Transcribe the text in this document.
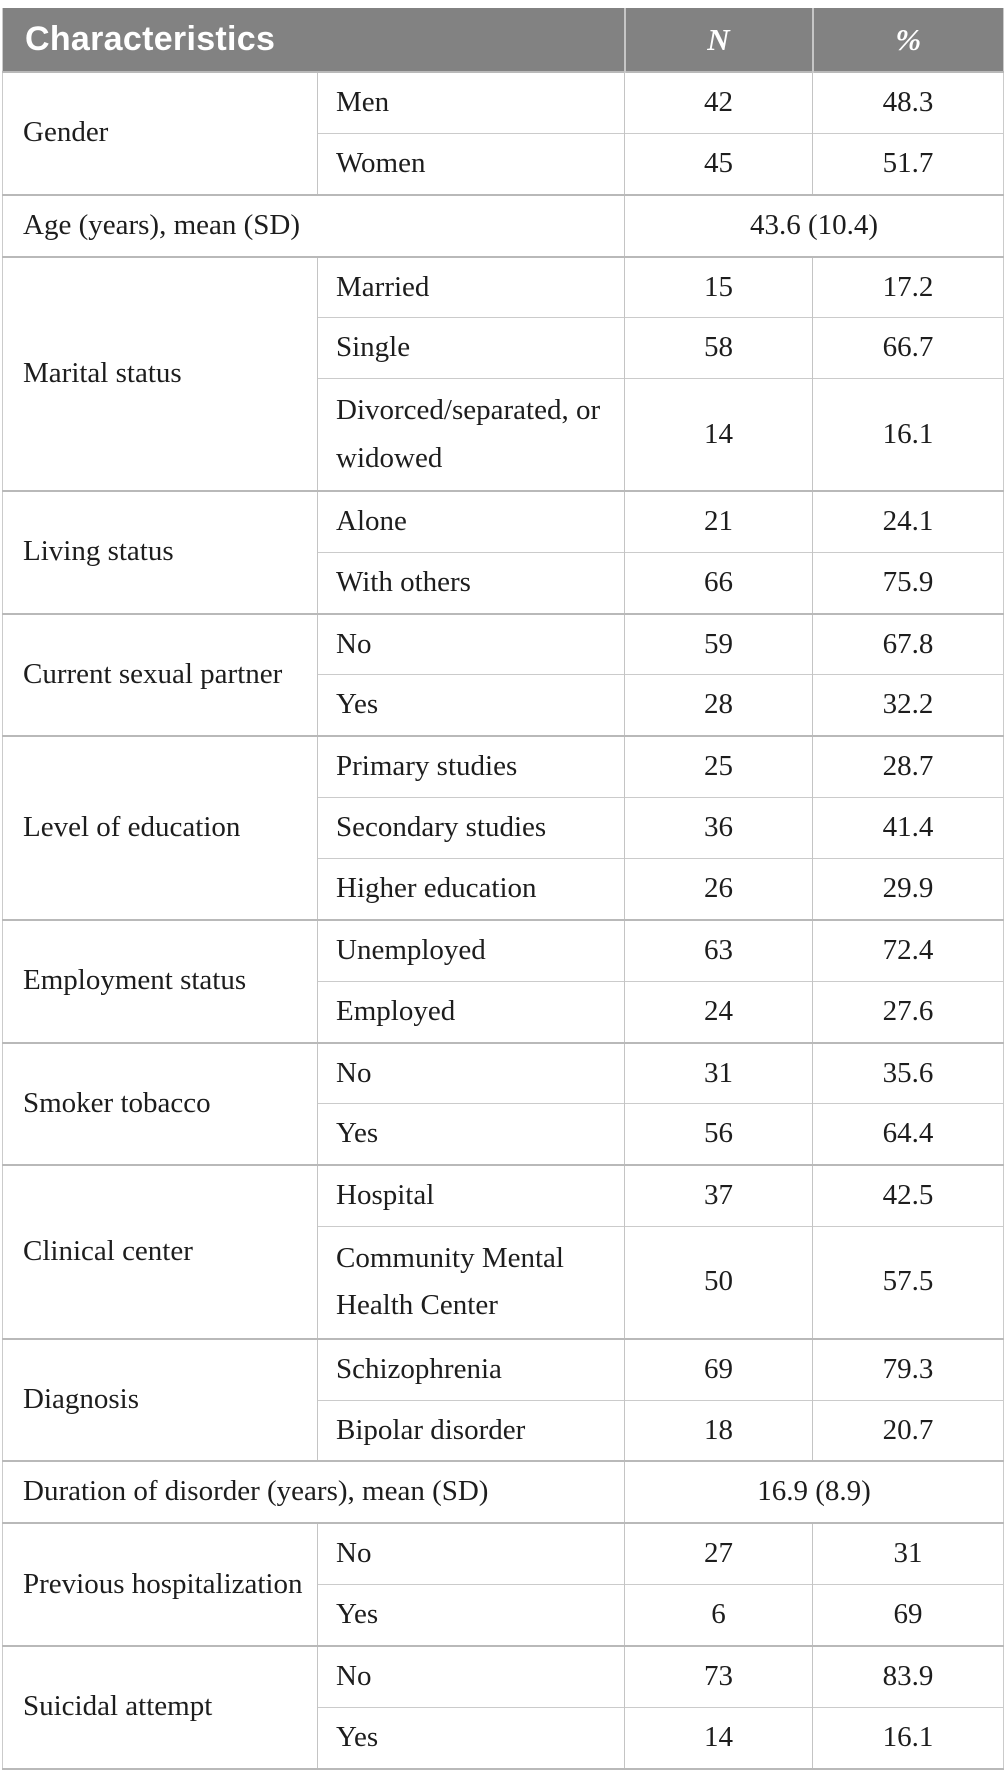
Characteristics		N	%
Gender	Men	42	48.3
	Women	45	51.7
Age (years), mean (SD)		43.6 (10.4)	
Marital status	Married	15	17.2
	Single	58	66.7
	Divorced/separated, or widowed	14	16.1
Living status	Alone	21	24.1
	With others	66	75.9
Current sexual partner	No	59	67.8
	Yes	28	32.2
Level of education	Primary studies	25	28.7
	Secondary studies	36	41.4
	Higher education	26	29.9
Employment status	Unemployed	63	72.4
	Employed	24	27.6
Smoker tobacco	No	31	35.6
	Yes	56	64.4
Clinical center	Hospital	37	42.5
	Community Mental Health Center	50	57.5
Diagnosis	Schizophrenia	69	79.3
	Bipolar disorder	18	20.7
Duration of disorder (years), mean (SD)		16.9 (8.9)	
Previous hospitalization	No	27	31
	Yes	6	69
Suicidal attempt	No	73	83.9
	Yes	14	16.1
